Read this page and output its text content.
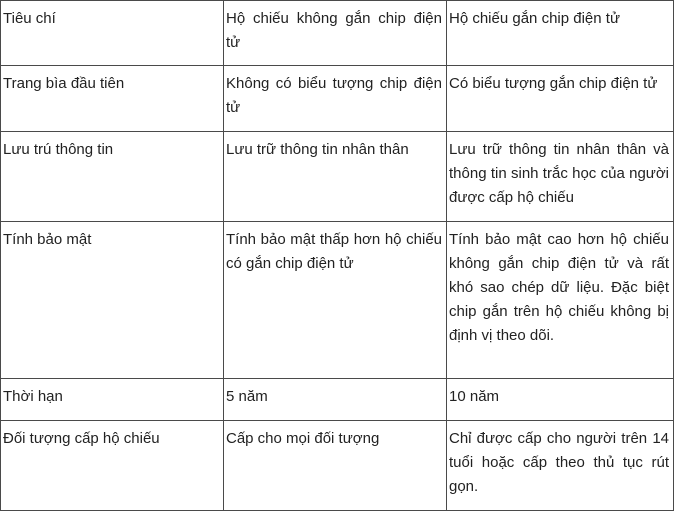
Tiêu chí	Hộ chiếu không gắn chip điện tử	Hộ chiếu gắn chip điện tử
Trang bìa đầu tiên	Không có biểu tượng chip điện tử	Có biểu tượng gắn chip điện tử
Lưu trú thông tin	Lưu trữ thông tin nhân thân	Lưu trữ thông tin nhân thân và thông tin sinh trắc học của người được cấp hộ chiếu
Tính bảo mật	Tính bảo mật thấp hơn hộ chiếu có gắn chip điện tử	Tính bảo mật cao hơn hộ chiếu không gắn chip điện tử và rất khó sao chép dữ liệu. Đặc biệt chip gắn trên hộ chiếu không bị định vị theo dõi.
Thời hạn	5 năm	10 năm
Đối tượng cấp hộ chiếu	Cấp cho mọi đối tượng	Chỉ được cấp cho người trên 14 tuổi hoặc cấp theo thủ tục rút gọn.
